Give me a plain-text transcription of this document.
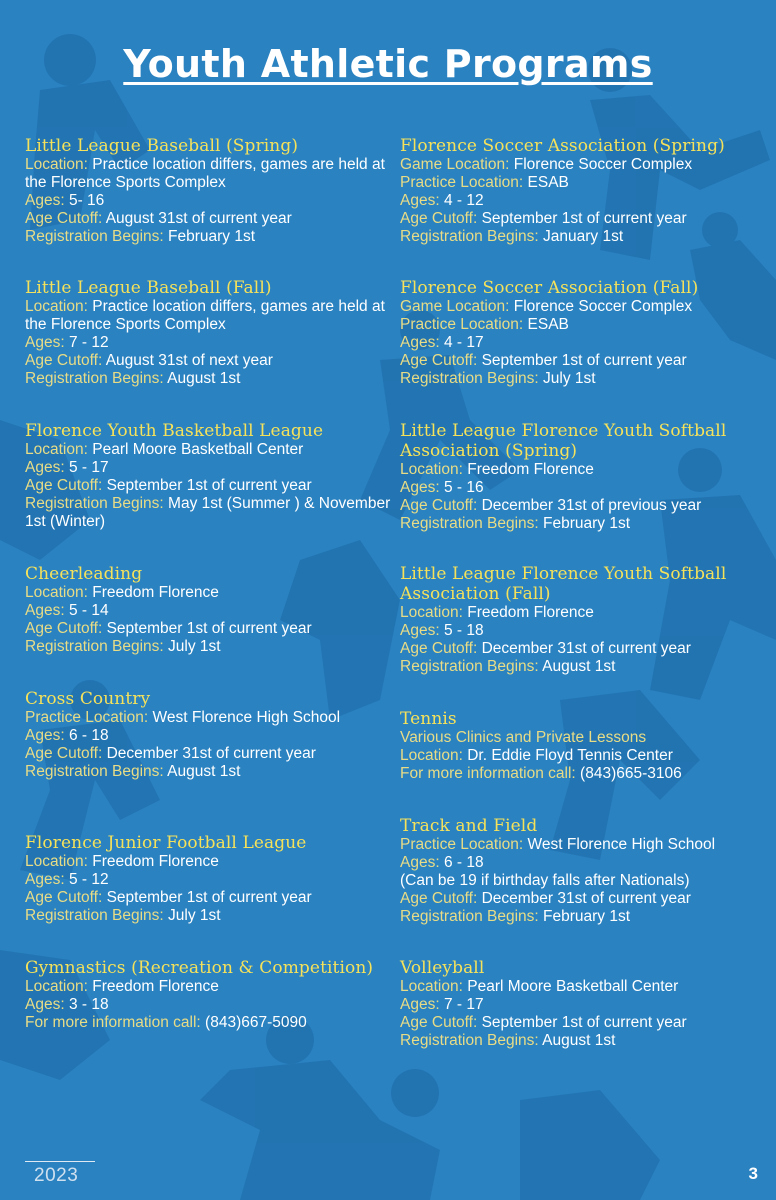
Youth Athletic Programs
Little League Baseball (Spring)
Location: Practice location differs, games are held at the Florence Sports Complex
Ages: 5- 16
Age Cutoff: August 31st of current year
Registration Begins: February 1st
Little League Baseball (Fall)
Location: Practice location differs, games are held at the Florence Sports Complex
Ages: 7 - 12
Age Cutoff: August 31st of next year
Registration Begins: August 1st
Florence Youth Basketball League
Location: Pearl Moore Basketball Center
Ages: 5 - 17
Age Cutoff: September 1st of current year
Registration Begins: May 1st (Summer ) & November 1st (Winter)
Cheerleading
Location: Freedom Florence
Ages: 5 - 14
Age Cutoff: September 1st of current year
Registration Begins: July 1st
Cross Country
Practice Location: West Florence High School
Ages: 6 - 18
Age Cutoff: December 31st of current year
Registration Begins: August 1st
Florence Junior Football League
Location: Freedom Florence
Ages: 5 - 12
Age Cutoff: September 1st of current year
Registration Begins: July 1st
Gymnastics (Recreation & Competition)
Location: Freedom Florence
Ages: 3 - 18
For more information call: (843)667-5090
Florence Soccer Association (Spring)
Game Location: Florence Soccer Complex
Practice Location: ESAB
Ages: 4 - 12
Age Cutoff: September 1st of current year
Registration Begins: January 1st
Florence Soccer Association (Fall)
Game Location: Florence Soccer Complex
Practice Location: ESAB
Ages: 4 - 17
Age Cutoff: September 1st of current year
Registration Begins: July 1st
Little League Florence Youth Softball Association (Spring)
Location: Freedom Florence
Ages: 5 - 16
Age Cutoff: December 31st of previous year
Registration Begins: February 1st
Little League Florence Youth Softball Association (Fall)
Location: Freedom Florence
Ages: 5 - 18
Age Cutoff: December 31st of current year
Registration Begins: August 1st
Tennis
Various Clinics and Private Lessons
Location: Dr. Eddie Floyd Tennis Center
For more information call: (843)665-3106
Track and Field
Practice Location: West Florence High School
Ages: 6 - 18
(Can be 19 if birthday falls after Nationals)
Age Cutoff: December 31st of current year
Registration Begins: February 1st
Volleyball
Location: Pearl Moore Basketball Center
Ages: 7 - 17
Age Cutoff: September 1st of current year
Registration Begins: August 1st
2023	3
